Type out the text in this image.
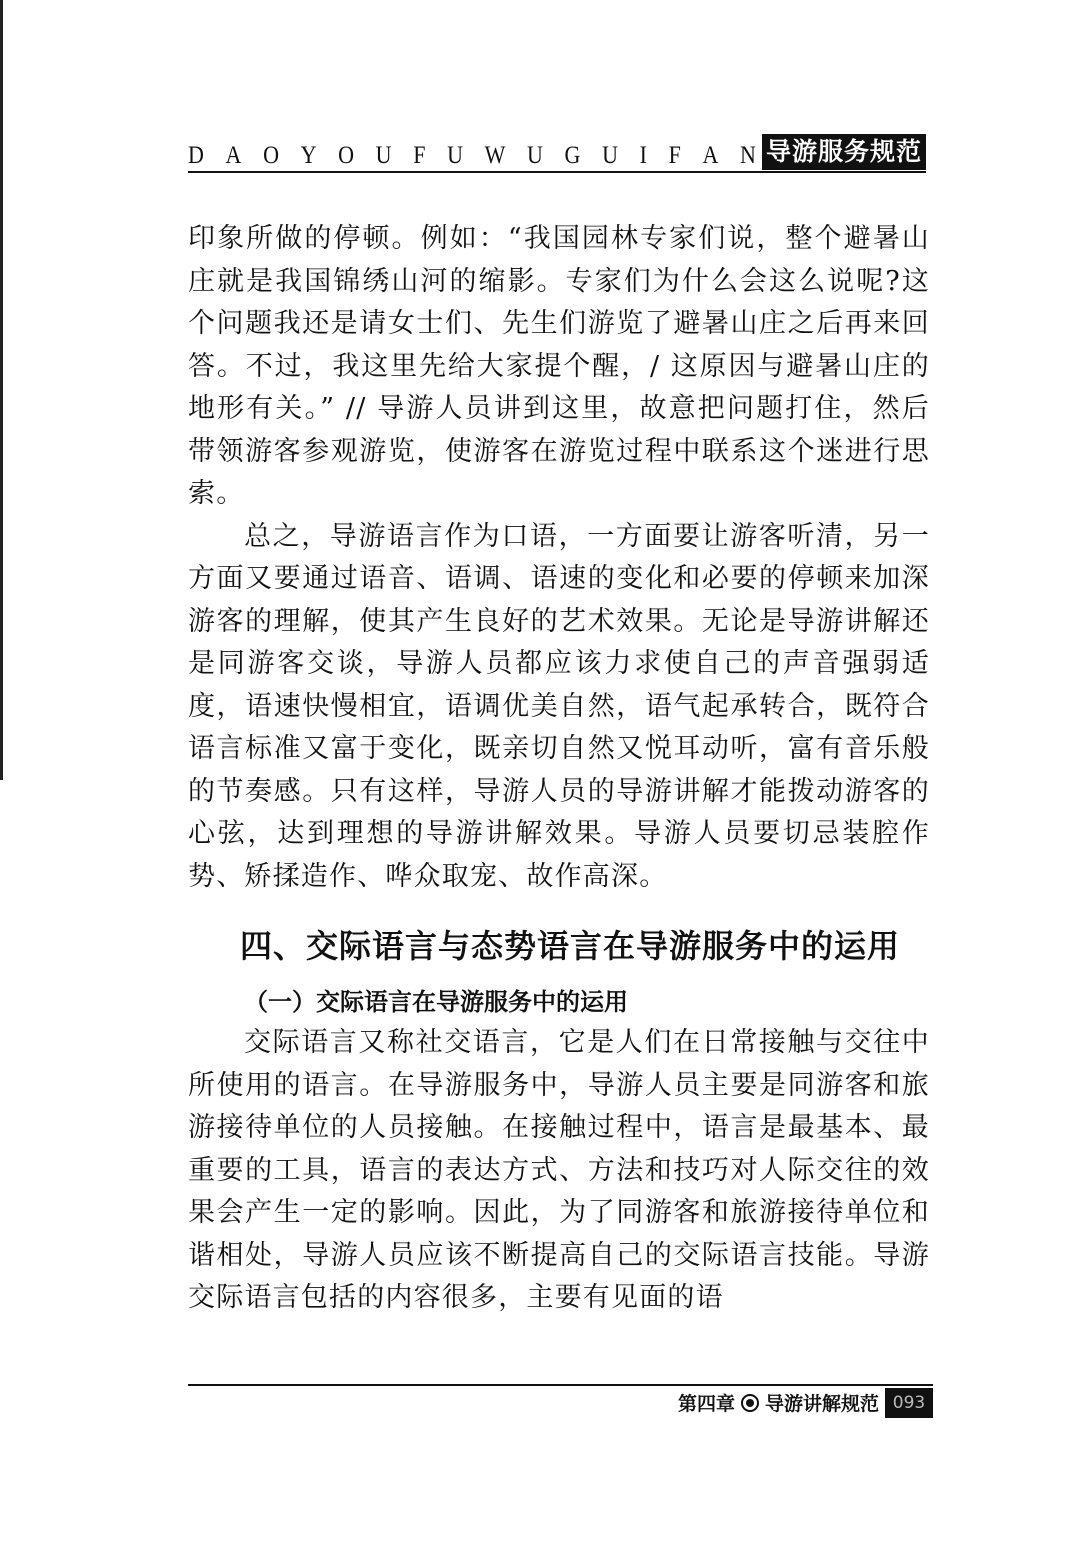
D A O Y O U F U W U G U I F A N 导游服务规范

印象所做的停顿。例如：“我国园林专家们说，整个避暑山庄就是我国锦绣山河的缩影。专家们为什么会这么说呢?这个问题我还是请女士们、先生们游览了避暑山庄之后再来回答。不过，我这里先给大家提个醒，/ 这原因与避暑山庄的地形有关。” // 导游人员讲到这里，故意把问题打住，然后带领游客参观游览，使游客在游览过程中联系这个迷进行思索。

总之，导游语言作为口语，一方面要让游客听清，另一方面又要通过语音、语调、语速的变化和必要的停顿来加深游客的理解，使其产生良好的艺术效果。无论是导游讲解还是同游客交谈，导游人员都应该力求使自己的声音强弱适度，语速快慢相宜，语调优美自然，语气起承转合，既符合语言标准又富于变化，既亲切自然又悦耳动听，富有音乐般的节奏感。只有这样，导游人员的导游讲解才能拨动游客的心弦，达到理想的导游讲解效果。导游人员要切忌装腔作势、矫揉造作、哗众取宠、故作高深。

四、交际语言与态势语言在导游服务中的运用
（一）交际语言在导游服务中的运用

交际语言又称社交语言，它是人们在日常接触与交往中所使用的语言。在导游服务中，导游人员主要是同游客和旅游接待单位的人员接触。在接触过程中，语言是最基本、最重要的工具，语言的表达方式、方法和技巧对人际交往的效果会产生一定的影响。因此，为了同游客和旅游接待单位和谐相处，导游人员应该不断提高自己的交际语言技能。导游交际语言包括的内容很多，主要有见面的语

第四章 导游讲解规范 093
